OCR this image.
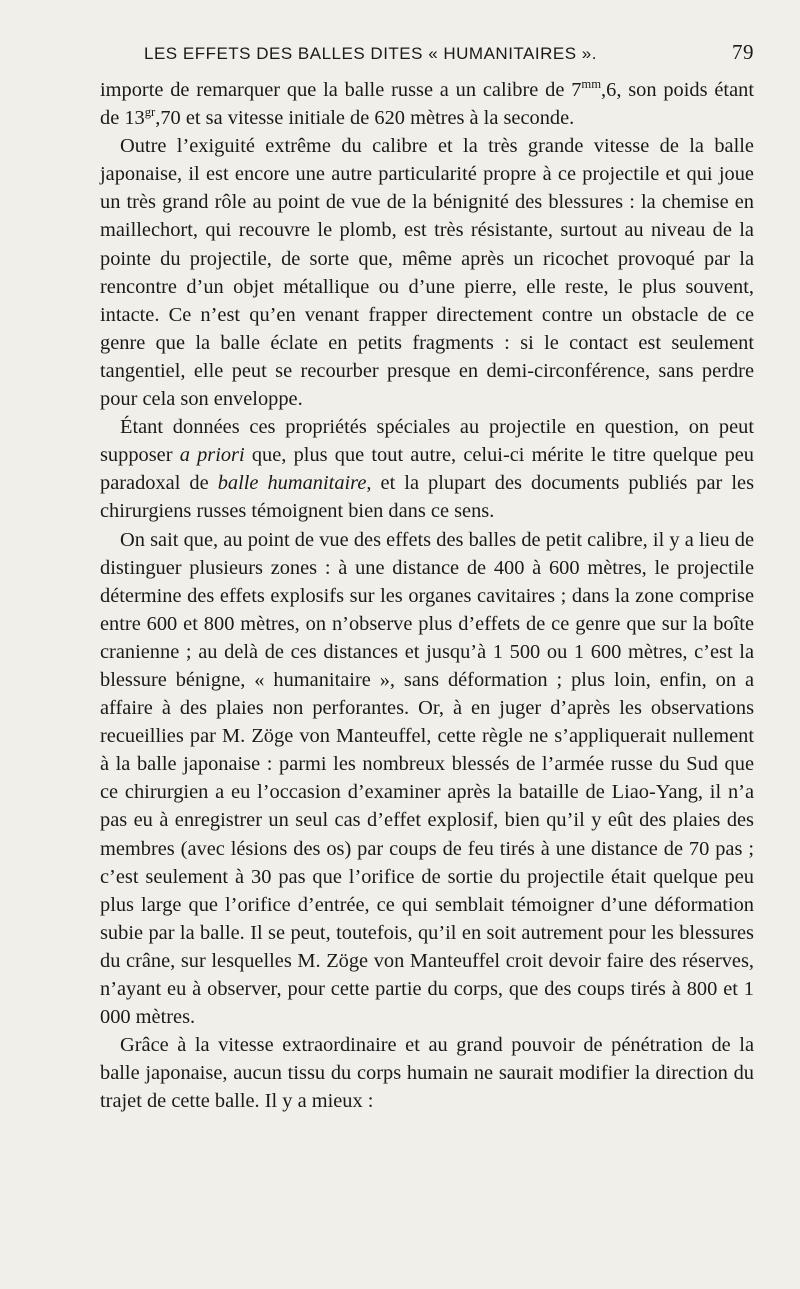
LES EFFETS DES BALLES DITES « HUMANITAIRES ».	79

importe de remarquer que la balle russe a un calibre de $7^{mm},6$, son poids étant de $13^{gr},70$ et sa vitesse initiale de 620 mètres à la seconde.

Outre l’exiguité extrême du calibre et la très grande vitesse de la balle japonaise, il est encore une autre particularité propre à ce projectile et qui joue un très grand rôle au point de vue de la bénignité des blessures : la chemise en maillechort, qui recouvre le plomb, est très résistante, surtout au niveau de la pointe du projectile, de sorte que, même après un ricochet provoqué par la rencontre d’un objet métallique ou d’une pierre, elle reste, le plus souvent, intacte. Ce n’est qu’en venant frapper directement contre un obstacle de ce genre que la balle éclate en petits fragments : si le contact est seulement tangentiel, elle peut se recourber presque en demi-circonférence, sans perdre pour cela son enveloppe.

Étant données ces propriétés spéciales au projectile en question, on peut supposer a priori que, plus que tout autre, celui-ci mérite le titre quelque peu paradoxal de balle humanitaire, et la plupart des documents publiés par les chirurgiens russes témoignent bien dans ce sens.

On sait que, au point de vue des effets des balles de petit calibre, il y a lieu de distinguer plusieurs zones : à une distance de 400 à 600 mètres, le projectile détermine des effets explosifs sur les organes cavitaires ; dans la zone comprise entre 600 et 800 mètres, on n’observe plus d’effets de ce genre que sur la boîte cranienne ; au delà de ces distances et jusqu’à 1 500 ou 1 600 mètres, c’est la blessure bénigne, « humanitaire », sans déformation ; plus loin, enfin, on a affaire à des plaies non perforantes. Or, à en juger d’après les observations recueillies par M. Zöge von Manteuffel, cette règle ne s’appliquerait nullement à la balle japonaise : parmi les nombreux blessés de l’armée russe du Sud que ce chirurgien a eu l’occasion d’examiner après la bataille de Liao-Yang, il n’a pas eu à enregistrer un seul cas d’effet explosif, bien qu’il y eût des plaies des membres (avec lésions des os) par coups de feu tirés à une distance de 70 pas ; c’est seulement à 30 pas que l’orifice de sortie du projectile était quelque peu plus large que l’orifice d’entrée, ce qui semblait témoigner d’une déformation subie par la balle. Il se peut, toutefois, qu’il en soit autrement pour les blessures du crâne, sur lesquelles M. Zöge von Manteuffel croit devoir faire des réserves, n’ayant eu à observer, pour cette partie du corps, que des coups tirés à 800 et 1 000 mètres.

Grâce à la vitesse extraordinaire et au grand pouvoir de pénétration de la balle japonaise, aucun tissu du corps humain ne saurait modifier la direction du trajet de cette balle. Il y a mieux :
